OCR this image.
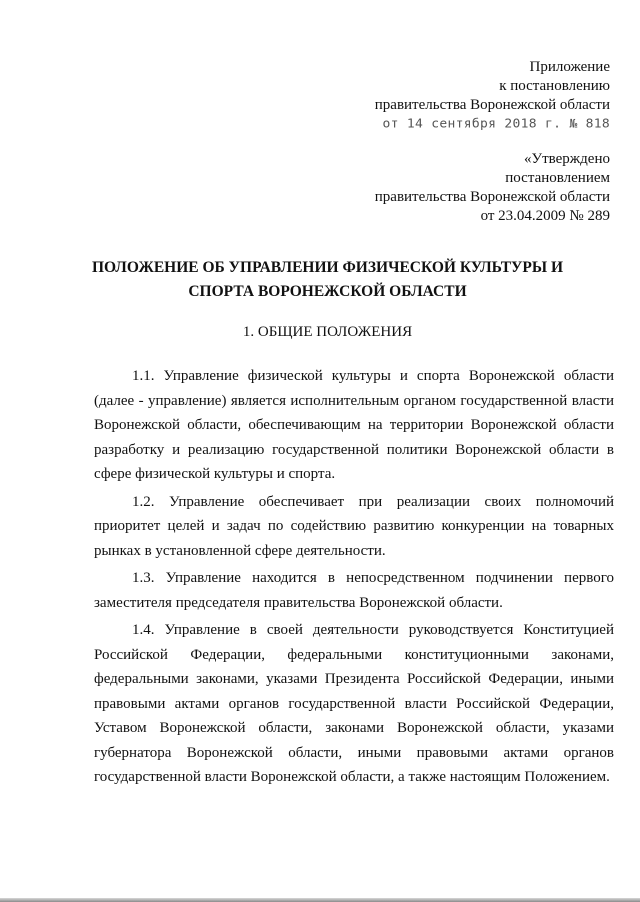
Приложение
к постановлению
правительства Воронежской области
от 14 сентября 2018 г. № 818
«Утверждено
постановлением
правительства Воронежской области
от 23.04.2009 № 289
ПОЛОЖЕНИЕ ОБ УПРАВЛЕНИИ ФИЗИЧЕСКОЙ КУЛЬТУРЫ И
СПОРТА ВОРОНЕЖСКОЙ ОБЛАСТИ
1. ОБЩИЕ ПОЛОЖЕНИЯ

1.1. Управление физической культуры и спорта Воронежской области (далее - управление) является исполнительным органом государственной власти Воронежской области, обеспечивающим на территории Воронежской области разработку и реализацию государственной политики Воронежской области в сфере физической культуры и спорта.

1.2. Управление обеспечивает при реализации своих полномочий приоритет целей и задач по содействию развитию конкуренции на товарных рынках в установленной сфере деятельности.

1.3. Управление находится в непосредственном подчинении первого заместителя председателя правительства Воронежской области.

1.4. Управление в своей деятельности руководствуется Конституцией Российской Федерации, федеральными конституционными законами, федеральными законами, указами Президента Российской Федерации, иными правовыми актами органов государственной власти Российской Федерации, Уставом Воронежской области, законами Воронежской области, указами губернатора Воронежской области, иными правовыми актами органов государственной власти Воронежской области, а также настоящим Положением.
